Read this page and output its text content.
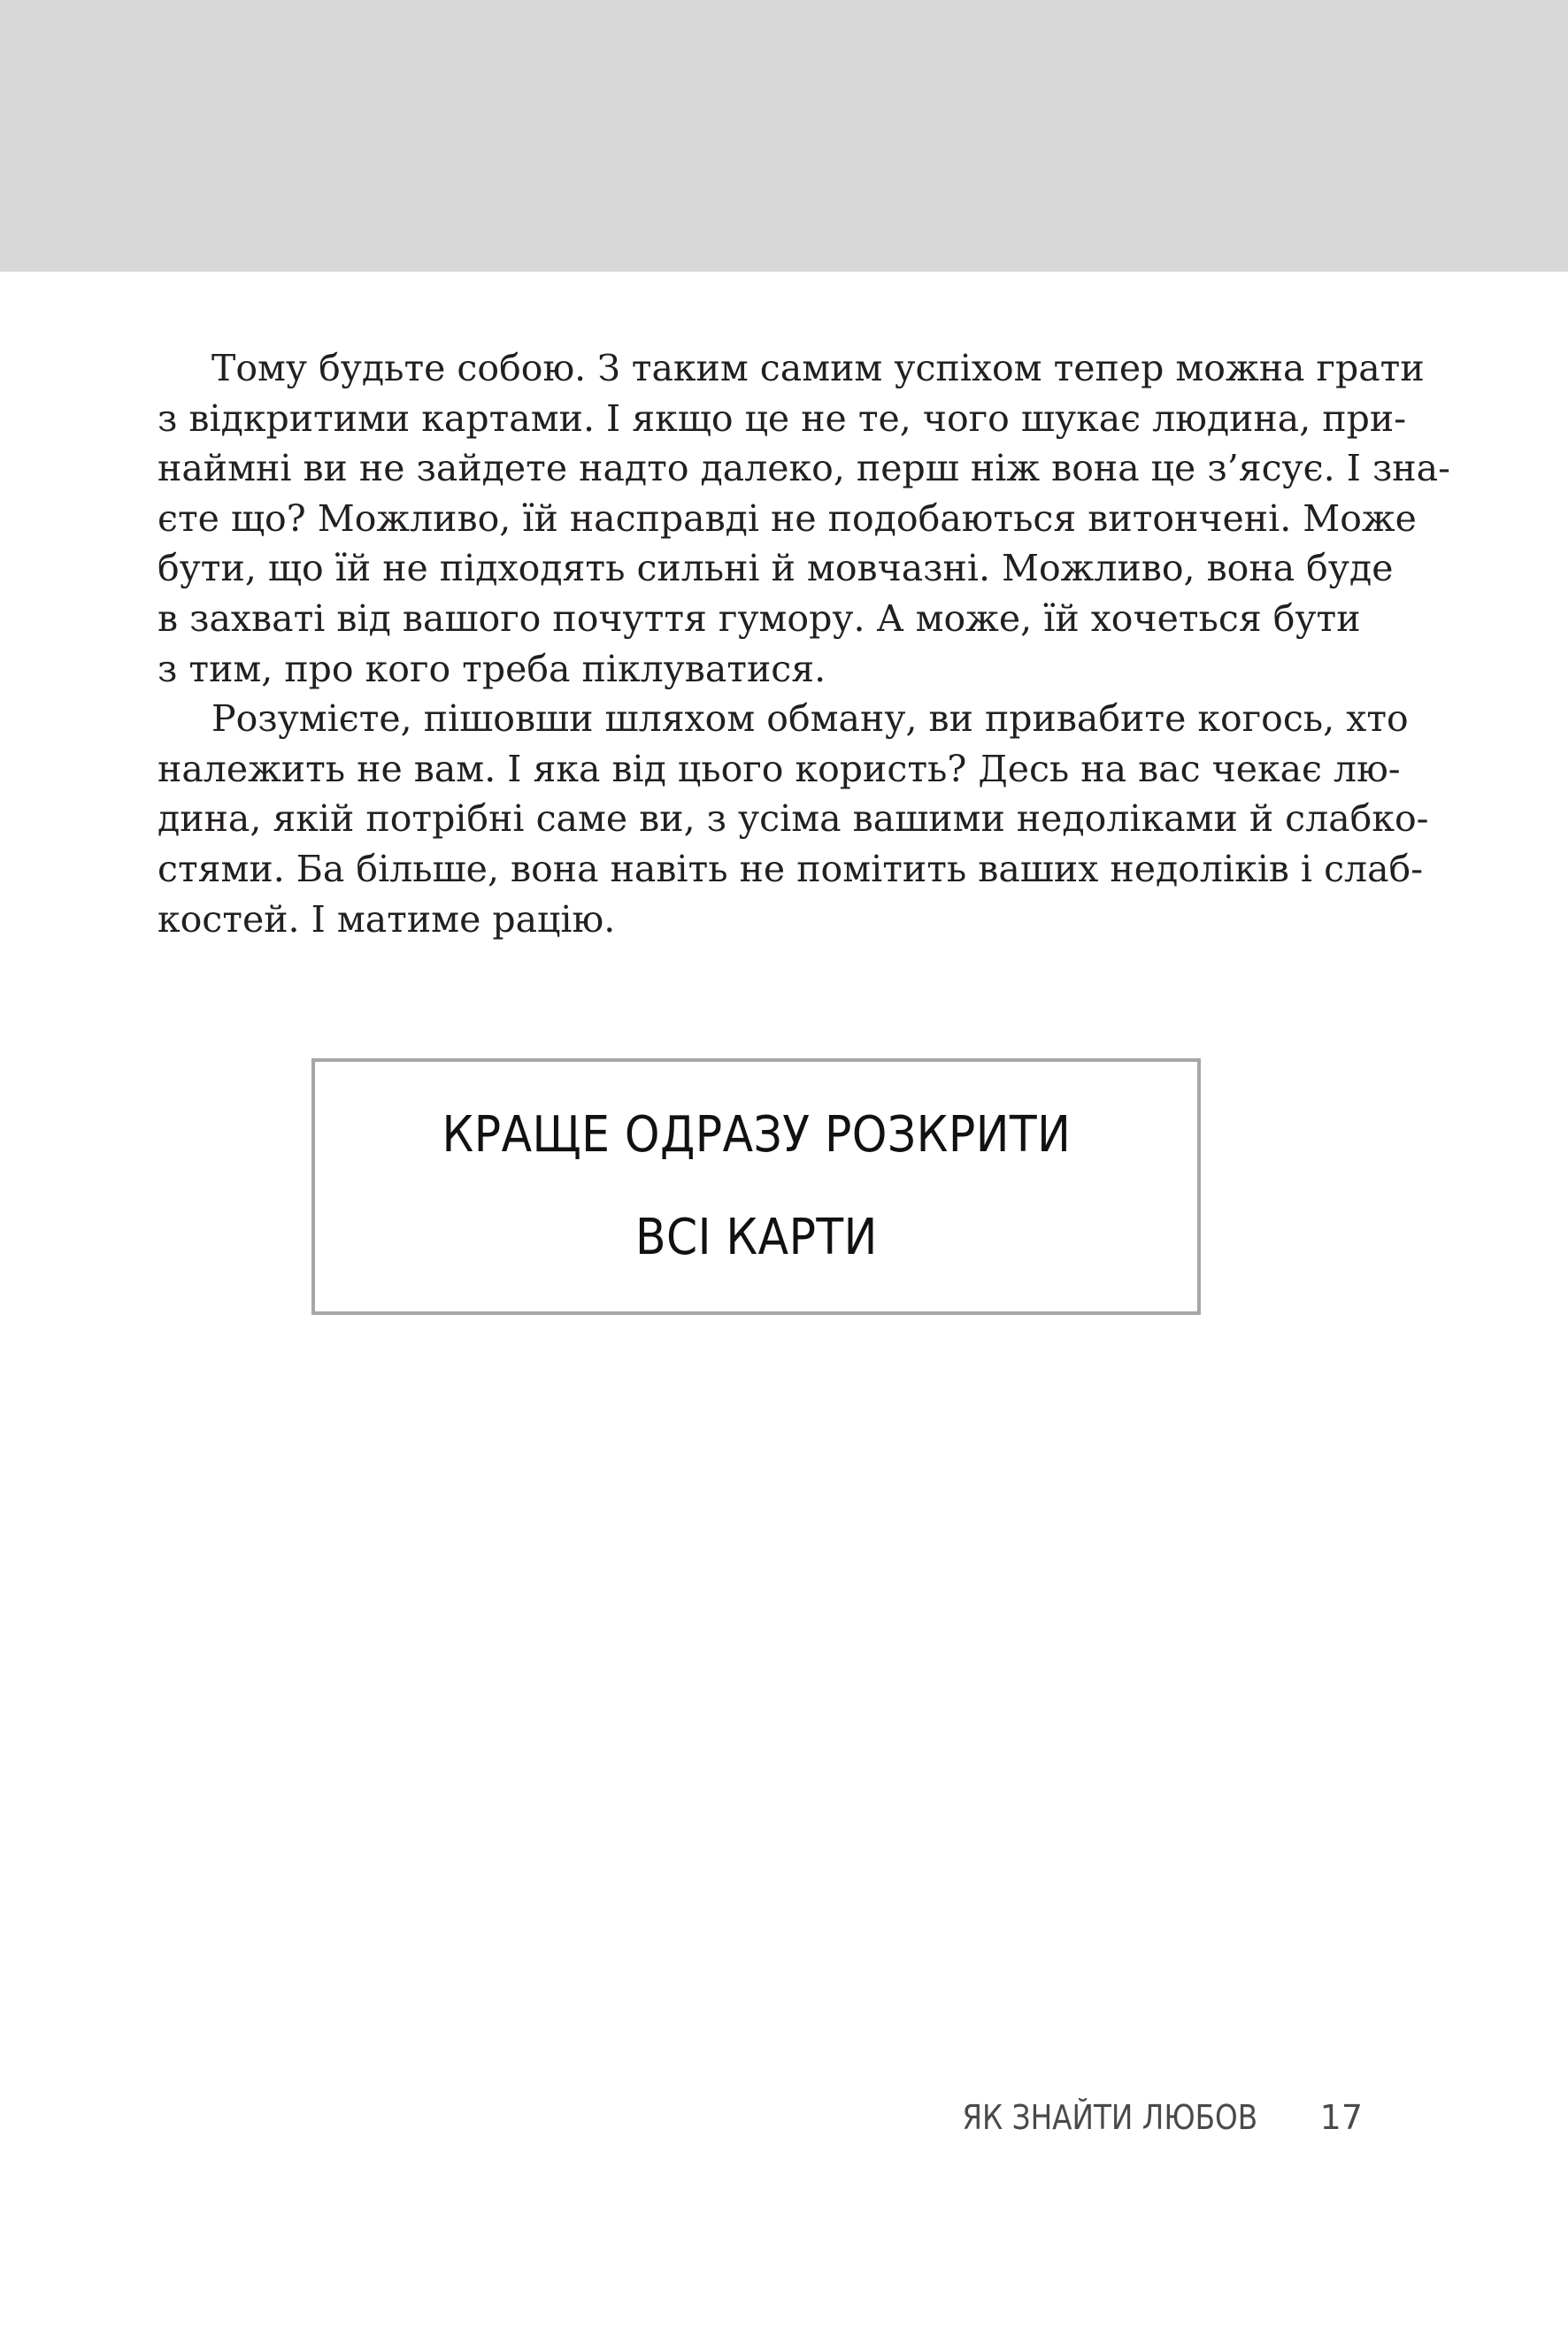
Тому будьте собою. З таким самим успіхом тепер можна грати
з відкритими картами. І якщо це не те, чого шукає людина, при-
наймні ви не зайдете надто далеко, перш ніж вона це з’ясує. І зна-
єте що? Можливо, їй насправді не подобаються витончені. Може
бути, що їй не підходять сильні й мовчазні. Можливо, вона буде
в захваті від вашого почуття гумору. А може, їй хочеться бути
з тим, про кого треба піклуватися.
Розумієте, пішовши шляхом обману, ви привабите когось, хто
належить не вам. І яка від цього користь? Десь на вас чекає лю-
дина, якій потрібні саме ви, з усіма вашими недоліками й слабко-
стями. Ба більше, вона навіть не помітить ваших недоліків і слаб-
костей. І матиме рацію.
КРАЩЕ ОДРАЗУ РОЗКРИТИ
ВСІ КАРТИ
ЯК ЗНАЙТИ ЛЮБОВ 17
